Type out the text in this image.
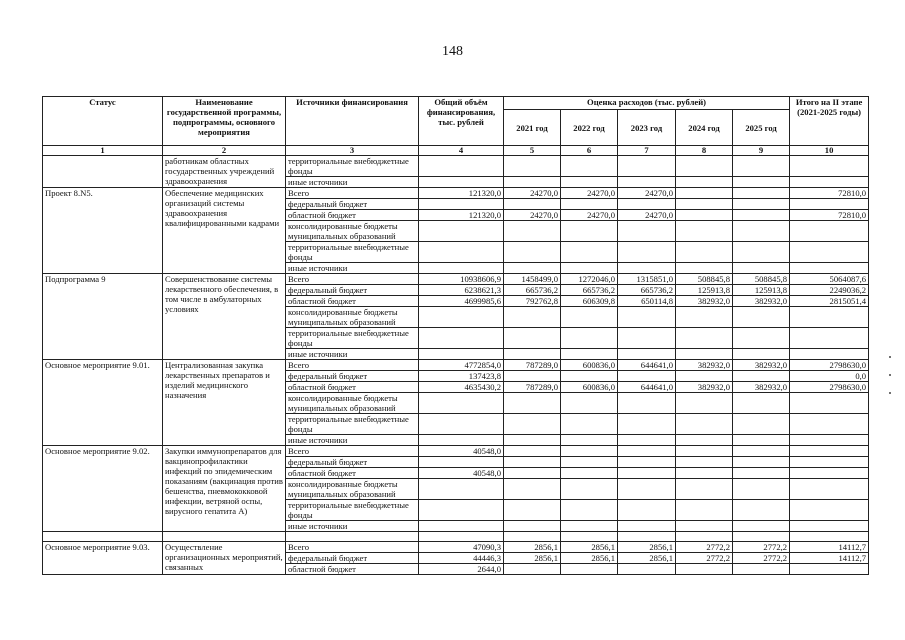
148
Статус	Наименование государственной программы, подпрограммы, основного мероприятия	Источники финансирования	Общий объём финансирования, тыс. рублей	Оценка расходов (тыс. рублей)					Итого на II этапе (2021-2025 годы)
				2021 год	2022 год	2023 год	2024 год	2025 год	
1	2	3	4	5	6	7	8	9	10
	работникам областных государственных учреждений здравоохранения	территориальные внебюджетные фонды							
		иные источники							
Проект 8.N5.	Обеспечение медицинских организаций системы здравоохранения квалифицированными кадрами	Всего	121320,0	24270,0	24270,0	24270,0			72810,0
		федеральный бюджет							
		областной бюджет	121320,0	24270,0	24270,0	24270,0			72810,0
		консолидированные бюджеты муниципальных образований							
		территориальные внебюджетные фонды							
		иные источники							
Подпрограмма 9	Совершенствование системы лекарственного обеспечения, в том числе в амбулаторных условиях	Всего	10938606,9	1458499,0	1272046,0	1315851,0	508845,8	508845,8	5064087,6
		федеральный бюджет	6238621,3	665736,2	665736,2	665736,2	125913,8	125913,8	2249036,2
		областной бюджет	4699985,6	792762,8	606309,8	650114,8	382932,0	382932,0	2815051,4
		консолидированные бюджеты муниципальных образований							
		территориальные внебюджетные фонды							
		иные источники							
Основное мероприятие 9.01.	Централизованная закупка лекарственных препаратов и изделий медицинского назначения	Всего	4772854,0	787289,0	600836,0	644641,0	382932,0	382932,0	2798630,0
		федеральный бюджет	137423,8						0,0
		областной бюджет	4635430,2	787289,0	600836,0	644641,0	382932,0	382932,0	2798630,0
		консолидированные бюджеты муниципальных образований							
		территориальные внебюджетные фонды							
		иные источники							
Основное мероприятие 9.02.	Закупки иммунопрепаратов для вакцинопрофилактики инфекций по эпидемическим показаниям (вакцинация против бешенства, пневмококковой инфекции, ветряной оспы, вирусного гепатита А)	Всего	40548,0						
		федеральный бюджет							
		областной бюджет	40548,0						
		консолидированные бюджеты муниципальных образований							
		территориальные внебюджетные фонды							
		иные источники							

Основное мероприятие 9.03.	Осуществление организационных мероприятий, связанных	Всего	47090,3	2856,1	2856,1	2856,1	2772,2	2772,2	14112,7
		федеральный бюджет	44446,3	2856,1	2856,1	2856,1	2772,2	2772,2	14112,7
		областной бюджет	2644,0						
